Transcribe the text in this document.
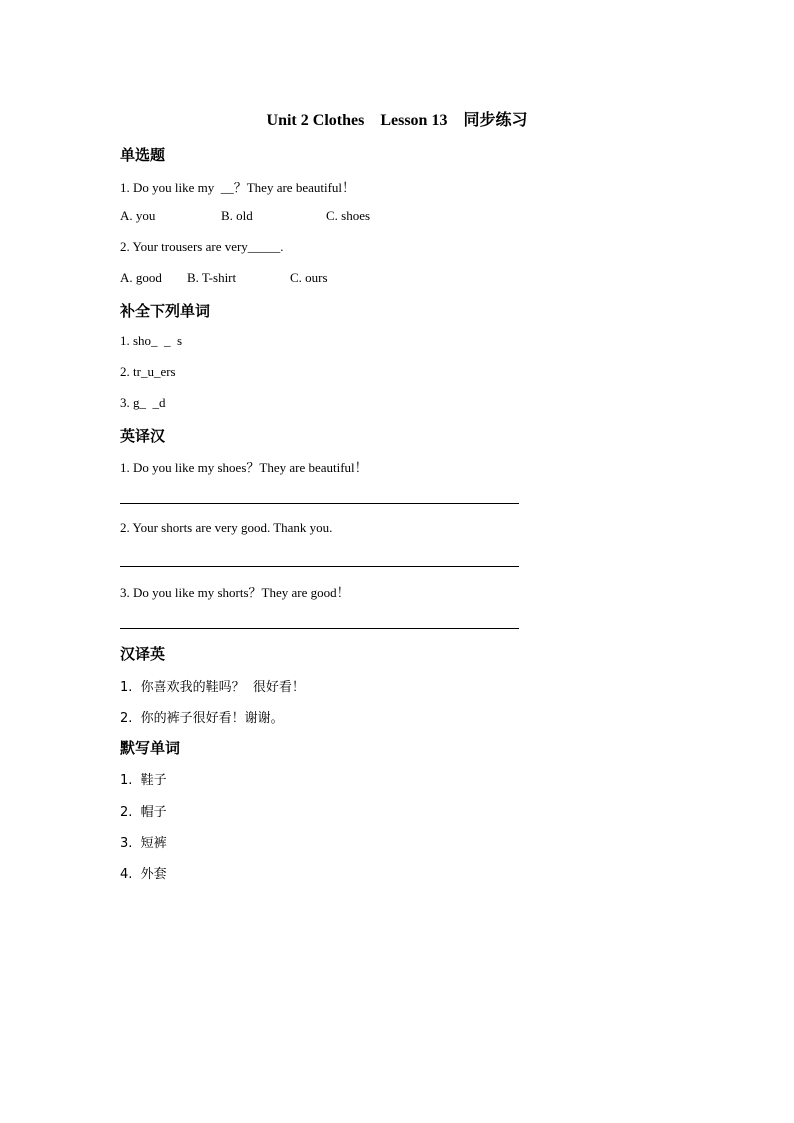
Unit 2 Clothes    Lesson 13    同步练习
单选题
1. Do you like my  __？They are beautiful！
A. you	B. old	C. shoes
2. Your trousers are very_____.
A. good B. T-shirt	C. ours
补全下列单词
1. sho_  _  s
2. tr_u_ers
3. g_  _d
英译汉
1. Do you like my shoes？They are beautiful！
2. Your shorts are very good. Thank you.
3. Do you like my shorts？They are good！
汉译英
1.  你喜欢我的鞋吗？  很好看！
2.  你的裤子很好看！谢谢。
默写单词
1.  鞋子
2.  帽子
3.  短裤
4.  外套
